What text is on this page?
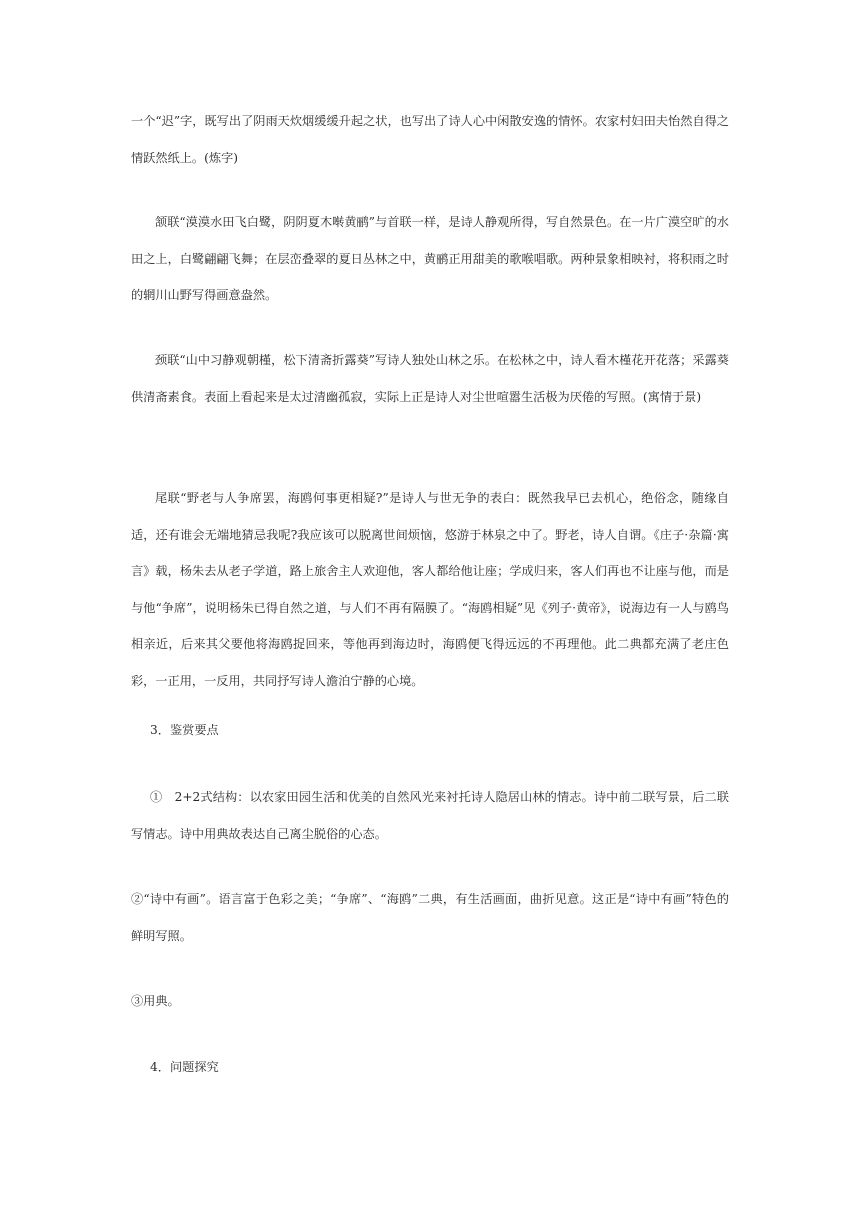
一个“迟”字，既写出了阴雨天炊烟缓缓升起之状，也写出了诗人心中闲散安逸的情怀。农家村妇田夫怡然自得之情跃然纸上。(炼字)

颔联“漠漠水田飞白鹭，阴阴夏木啭黄鹂”与首联一样，是诗人静观所得，写自然景色。在一片广漠空旷的水田之上，白鹭翩翩飞舞；在层峦叠翠的夏日丛林之中，黄鹂正用甜美的歌喉唱歌。两种景象相映衬，将积雨之时的辋川山野写得画意盎然。

颈联“山中习静观朝槿，松下清斋折露葵”写诗人独处山林之乐。在松林之中，诗人看木槿花开花落；采露葵供清斋素食。表面上看起来是太过清幽孤寂，实际上正是诗人对尘世喧嚣生活极为厌倦的写照。(寓情于景)

尾联“野老与人争席罢，海鸥何事更相疑?”是诗人与世无争的表白：既然我早已去机心，绝俗念，随缘自适，还有谁会无端地猜忌我呢?我应该可以脱离世间烦恼，悠游于林泉之中了。野老，诗人自谓。《庄子·杂篇·寓言》载，杨朱去从老子学道，路上旅舍主人欢迎他，客人都给他让座；学成归来，客人们再也不让座与他，而是与他“争席”，说明杨朱已得自然之道，与人们不再有隔膜了。“海鸥相疑”见《列子·黄帝》，说海边有一人与鸥鸟相亲近，后来其父要他将海鸥捉回来，等他再到海边时，海鸥便飞得远远的不再理他。此二典都充满了老庄色彩，一正用，一反用，共同抒写诗人澹泊宁静的心境。

3．鉴赏要点

①　2+2式结构：以农家田园生活和优美的自然风光来衬托诗人隐居山林的情志。诗中前二联写景，后二联写情志。诗中用典故表达自己离尘脱俗的心态。

②“诗中有画”。语言富于色彩之美；“争席”、“海鸥”二典，有生活画面，曲折见意。这正是“诗中有画”特色的鲜明写照。

③用典。

4．问题探究
